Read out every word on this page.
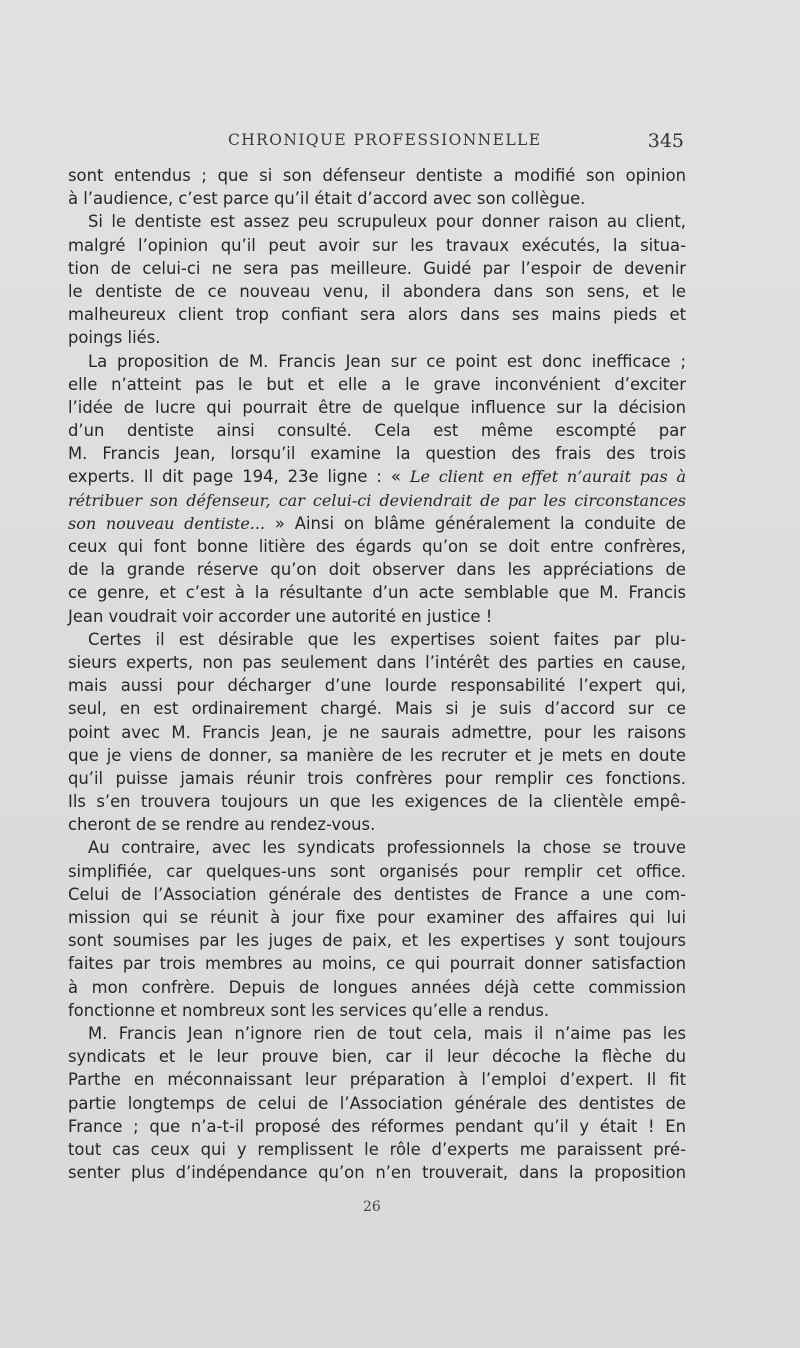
CHRONIQUE PROFESSIONNELLE	345
sont entendus ; que si son défenseur dentiste a modifié son opinion
à l’audience, c’est parce qu’il était d’accord avec son collègue.
Si le dentiste est assez peu scrupuleux pour donner raison au client,
malgré l’opinion qu’il peut avoir sur les travaux exécutés, la situa-
tion de celui-ci ne sera pas meilleure. Guidé par l’espoir de devenir
le dentiste de ce nouveau venu, il abondera dans son sens, et le
malheureux client trop confiant sera alors dans ses mains pieds et
poings liés.
La proposition de M. Francis Jean sur ce point est donc inefficace ;
elle n’atteint pas le but et elle a le grave inconvénient d’exciter
l’idée de lucre qui pourrait être de quelque influence sur la décision
d’un dentiste ainsi consulté. Cela est même escompté par
M. Francis Jean, lorsqu’il examine la question des frais des trois
experts. Il dit page 194, 23e ligne : « Le client en effet n’aurait pas à
rétribuer son défenseur, car celui-ci deviendrait de par les circonstances
son nouveau dentiste... » Ainsi on blâme généralement la conduite de
ceux qui font bonne litière des égards qu’on se doit entre confrères,
de la grande réserve qu’on doit observer dans les appréciations de
ce genre, et c’est à la résultante d’un acte semblable que M. Francis
Jean voudrait voir accorder une autorité en justice !
Certes il est désirable que les expertises soient faites par plu-
sieurs experts, non pas seulement dans l’intérêt des parties en cause,
mais aussi pour décharger d’une lourde responsabilité l’expert qui,
seul, en est ordinairement chargé. Mais si je suis d’accord sur ce
point avec M. Francis Jean, je ne saurais admettre, pour les raisons
que je viens de donner, sa manière de les recruter et je mets en doute
qu’il puisse jamais réunir trois confrères pour remplir ces fonctions.
Ils s’en trouvera toujours un que les exigences de la clientèle empê-
cheront de se rendre au rendez-vous.
Au contraire, avec les syndicats professionnels la chose se trouve
simplifiée, car quelques-uns sont organisés pour remplir cet office.
Celui de l’Association générale des dentistes de France a une com-
mission qui se réunit à jour fixe pour examiner des affaires qui lui
sont soumises par les juges de paix, et les expertises y sont toujours
faites par trois membres au moins, ce qui pourrait donner satisfaction
à mon confrère. Depuis de longues années déjà cette commission
fonctionne et nombreux sont les services qu’elle a rendus.
M. Francis Jean n’ignore rien de tout cela, mais il n’aime pas les
syndicats et le leur prouve bien, car il leur décoche la flèche du
Parthe en méconnaissant leur préparation à l’emploi d’expert. Il fit
partie longtemps de celui de l’Association générale des dentistes de
France ; que n’a-t-il proposé des réformes pendant qu’il y était ! En
tout cas ceux qui y remplissent le rôle d’experts me paraissent pré-
senter plus d’indépendance qu’on n’en trouverait, dans la proposition
26
